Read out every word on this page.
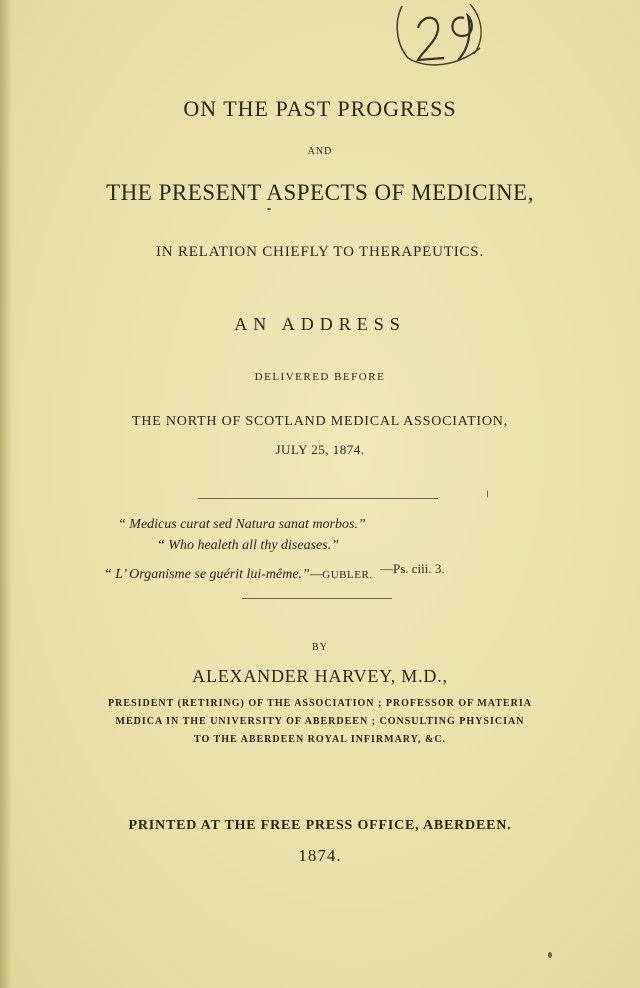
ON THE PAST PROGRESS
AND
THE PRESENT ASPECTS OF MEDICINE,
IN RELATION CHIEFLY TO THERAPEUTICS.
AN ADDRESS
DELIVERED BEFORE
THE NORTH OF SCOTLAND MEDICAL ASSOCIATION,
JULY 25, 1874.
“ Medicus curat sed Natura sanat morbos.”
“ Who healeth all thy diseases.”
—Ps. ciii. 3.
“ L’ Organisme se guérit lui-même.”—GUBLER.
BY
ALEXANDER HARVEY, M.D.,
PRESIDENT (RETIRING) OF THE ASSOCIATION ; PROFESSOR OF MATERIA
MEDICA IN THE UNIVERSITY OF ABERDEEN ; CONSULTING PHYSICIAN
TO THE ABERDEEN ROYAL INFIRMARY, &C.
PRINTED AT THE FREE PRESS OFFICE, ABERDEEN.
1874.
